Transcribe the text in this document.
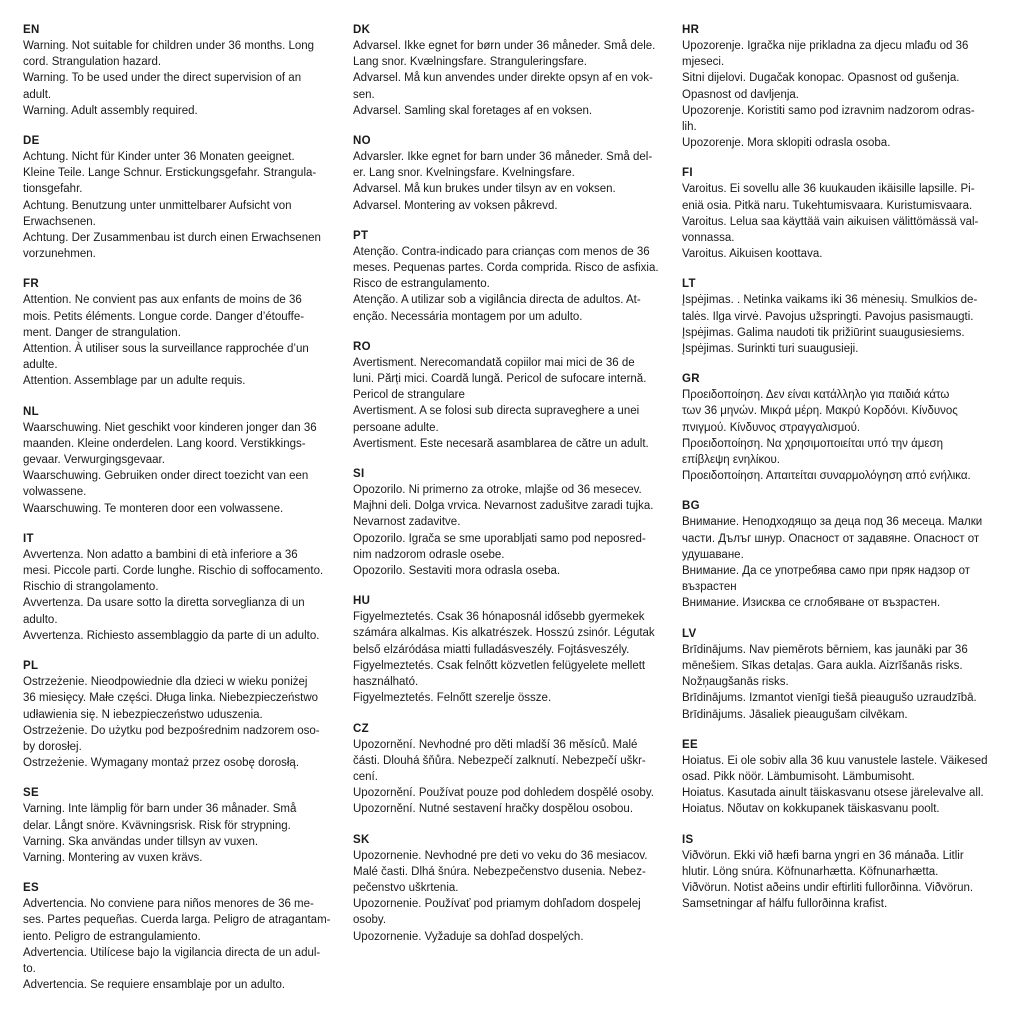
EN
Warning. Not suitable for children under 36 months. Long
cord. Strangulation hazard.
Warning. To be used under the direct supervision of an
adult.
Warning. Adult assembly required.
DE
Achtung. Nicht für Kinder unter 36 Monaten geeignet.
Kleine Teile. Lange Schnur. Erstickungsgefahr. Strangula-
tionsgefahr.
Achtung. Benutzung unter unmittelbarer Aufsicht von
Erwachsenen.
Achtung. Der Zusammenbau ist durch einen Erwachsenen
vorzunehmen.
FR
Attention. Ne convient pas aux enfants de moins de 36
mois. Petits éléments. Longue corde. Danger d’étouffe-
ment. Danger de strangulation.
Attention. À utiliser sous la surveillance rapprochée d’un
adulte.
Attention. Assemblage par un adulte requis.
NL
Waarschuwing. Niet geschikt voor kinderen jonger dan 36
maanden. Kleine onderdelen. Lang koord. Verstikkings-
gevaar. Verwurgingsgevaar.
Waarschuwing. Gebruiken onder direct toezicht van een
volwassene.
Waarschuwing. Te monteren door een volwassene.
IT
Avvertenza. Non adatto a bambini di età inferiore a 36
mesi. Piccole parti. Corde lunghe. Rischio di soffocamento.
Rischio di strangolamento.
Avvertenza. Da usare sotto la diretta sorveglianza di un
adulto.
Avvertenza. Richiesto assemblaggio da parte di un adulto.
PL
Ostrzeżenie. Nieodpowiednie dla dzieci w wieku poniżej
36 miesięcy. Małe części. Długa linka. Niebezpieczeństwo
udławienia się. N iebezpieczeństwo uduszenia.
Ostrzeżenie. Do użytku pod bezpośrednim nadzorem oso-
by dorosłej.
Ostrzeżenie. Wymagany montaż przez osobę dorosłą.
SE
Varning. Inte lämplig för barn under 36 månader. Små
delar. Långt snöre. Kvävningsrisk. Risk för strypning.
Varning. Ska användas under tillsyn av vuxen.
Varning. Montering av vuxen krävs.
ES
Advertencia. No conviene para niños menores de 36 me-
ses. Partes pequeñas. Cuerda larga. Peligro de atragantam-
iento. Peligro de estrangulamiento.
Advertencia. Utilícese bajo la vigilancia directa de un adul-
to.
Advertencia. Se requiere ensamblaje por un adulto.
DK
Advarsel. Ikke egnet for børn under 36 måneder. Små dele.
Lang snor. Kvælningsfare. Stranguleringsfare.
Advarsel. Må kun anvendes under direkte opsyn af en vok-
sen.
Advarsel. Samling skal foretages af en voksen.
NO
Advarsler. Ikke egnet for barn under 36 måneder. Små del-
er. Lang snor. Kvelningsfare. Kvelningsfare.
Advarsel. Må kun brukes under tilsyn av en voksen.
Advarsel. Montering av voksen påkrevd.
PT
Atenção. Contra-indicado para crianças com menos de 36
meses. Pequenas partes. Corda comprida. Risco de asfixia.
Risco de estrangulamento.
Atenção. A utilizar sob a vigilância directa de adultos. At-
enção. Necessária montagem por um adulto.
RO
Avertisment. Nerecomandată copiilor mai mici de 36 de
luni. Părți mici. Coardă lungă. Pericol de sufocare internă.
Pericol de strangulare
Avertisment. A se folosi sub directa supraveghere a unei
persoane adulte.
Avertisment. Este necesară asamblarea de către un adult.
SI
Opozorilo. Ni primerno za otroke, mlajše od 36 mesecev.
Majhni deli. Dolga vrvica. Nevarnost zadušitve zaradi tujka.
Nevarnost zadavitve.
Opozorilo. Igrača se sme uporabljati samo pod neposred-
nim nadzorom odrasle osebe.
Opozorilo. Sestaviti mora odrasla oseba.
HU
Figyelmeztetés. Csak 36 hónaposnál idősebb gyermekek
számára alkalmas. Kis alkatrészek. Hosszú zsinór. Légutak
belső elzáródása miatti fulladásveszély. Fojtásveszély.
Figyelmeztetés. Csak felnőtt közvetlen felügyelete mellett
használható.
Figyelmeztetés. Felnőtt szerelje össze.
CZ
Upozornění. Nevhodné pro děti mladší 36 měsíců. Malé
části. Dlouhá šňůra. Nebezpečí zalknutí. Nebezpečí uškr-
cení.
Upozornění. Používat pouze pod dohledem dospělé osoby.
Upozornění. Nutné sestavení hračky dospělou osobou.
SK
Upozornenie. Nevhodné pre deti vo veku do 36 mesiacov.
Malé časti. Dlhá šnúra. Nebezpečenstvo dusenia. Nebez-
pečenstvo uškrtenia.
Upozornenie. Používať pod priamym dohľadom dospelej
osoby.
Upozornenie. Vyžaduje sa dohľad dospelých.
HR
Upozorenje. Igračka nije prikladna za djecu mlađu od 36
mjeseci.
Sitni dijelovi. Dugačak konopac. Opasnost od gušenja.
Opasnost od davljenja.
Upozorenje. Koristiti samo pod izravnim nadzorom odras-
lih.
Upozorenje. Mora sklopiti odrasla osoba.
FI
Varoitus. Ei sovellu alle 36 kuukauden ikäisille lapsille. Pi-
eniä osia. Pitkä naru. Tukehtumisvaara. Kuristumisvaara.
Varoitus. Lelua saa käyttää vain aikuisen välittömässä val-
vonnassa.
Varoitus. Aikuisen koottava.
LT
Įspėjimas. . Netinka vaikams iki 36 mėnesių. Smulkios de-
talės. Ilga virvė. Pavojus užspringti. Pavojus pasismaugti.
Įspėjimas. Galima naudoti tik prižiūrint suaugusiesiems.
Įspėjimas. Surinkti turi suaugusieji.
GR
Προειδοποίηση. Δεν είναι κατάλληλο για παιδιά κάτω
των 36 μηνών. Μικρά μέρη. Μακρύ Κορδόνι. Κίνδυνος
πνιγμού. Κίνδυνος στραγγαλισμού.
Προειδοποίηση. Να χρησιμοποιείται υπό την άμεση
επίβλεψη ενηλίκου.
Προειδοποίηση. Απαιτείται συναρμολόγηση από ενήλικα.
BG
Внимание. Неподходящо за деца под 36 месеца. Малки
части. Дълъг шнур. Опасност от задавяне. Опасност от
удушаване.
Внимание. Да се употребява само при пряк надзор от
възрастен
Внимание. Изисква се сглобяване от възрастен.
LV
Brīdinājums. Nav piemērots bērniem, kas jaunāki par 36
mēnešiem. Sīkas detaļas. Gara aukla. Aizrīšanās risks.
Nožņaugšanās risks.
Brīdinājums. Izmantot vienīgi tiešā pieaugušo uzraudzībā.
Brīdinājums. Jāsaliek pieaugušam cilvēkam.
EE
Hoiatus. Ei ole sobiv alla 36 kuu vanustele lastele. Väikesed
osad. Pikk nöör. Lämbumisoht. Lämbumisoht.
Hoiatus. Kasutada ainult täiskasvanu otsese järelevalve all.
Hoiatus. Nõutav on kokkupanek täiskasvanu poolt.
IS
Viðvörun. Ekki við hæfi barna yngri en 36 mánaða. Litlir
hlutir. Löng snúra. Köfnunarhætta. Köfnunarhætta.
Viðvörun. Notist aðeins undir eftirliti fullorðinna. Viðvörun.
Samsetningar af hálfu fullorðinna krafist.
